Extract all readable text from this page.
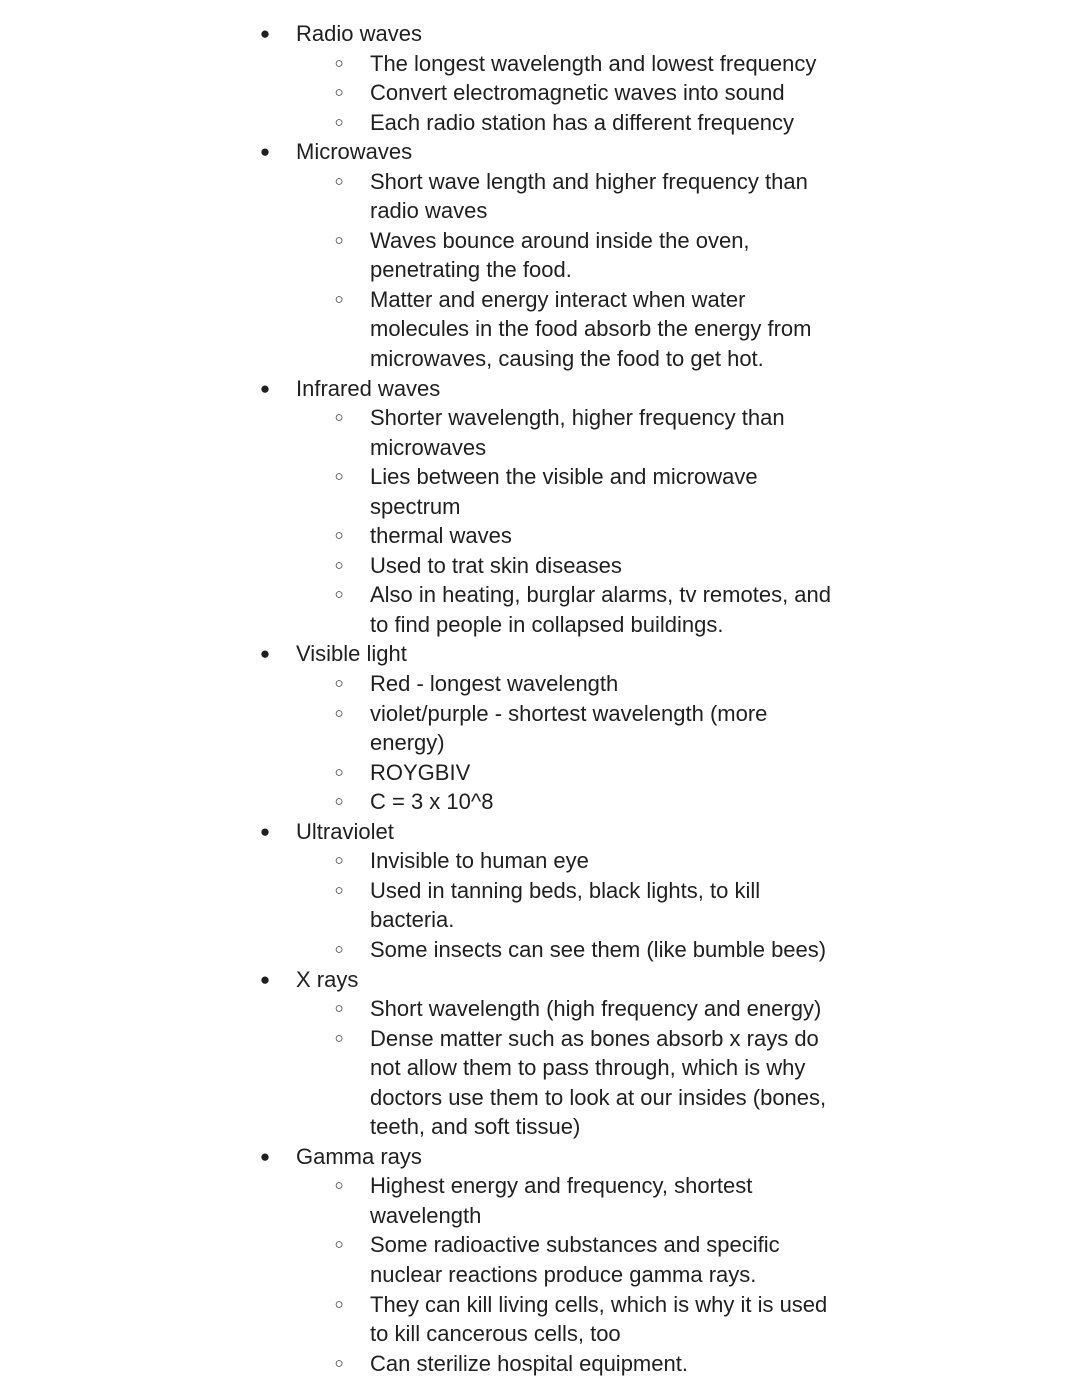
●
Radio waves
○
The longest wavelength and lowest frequency
○
Convert electromagnetic waves into sound
○
Each radio station has a different frequency
●
Microwaves
○
Short wave length and higher frequency than
radio waves
○
Waves bounce around inside the oven,
penetrating the food.
○
Matter and energy interact when water
molecules in the food absorb the energy from
microwaves, causing the food to get hot.
●
Infrared waves
○
Shorter wavelength, higher frequency than
microwaves
○
Lies between the visible and microwave
spectrum
○
thermal waves
○
Used to trat skin diseases
○
Also in heating, burglar alarms, tv remotes, and
to find people in collapsed buildings.
●
Visible light
○
Red - longest wavelength
○
violet/purple - shortest wavelength (more
energy)
○
ROYGBIV
○
C = 3 x 10^8
●
Ultraviolet
○
Invisible to human eye
○
Used in tanning beds, black lights, to kill
bacteria.
○
Some insects can see them (like bumble bees)
●
X rays
○
Short wavelength (high frequency and energy)
○
Dense matter such as bones absorb x rays do
not allow them to pass through, which is why
doctors use them to look at our insides (bones,
teeth, and soft tissue)
●
Gamma rays
○
Highest energy and frequency, shortest
wavelength
○
Some radioactive substances and specific
nuclear reactions produce gamma rays.
○
They can kill living cells, which is why it is used
to kill cancerous cells, too
○
Can sterilize hospital equipment.
